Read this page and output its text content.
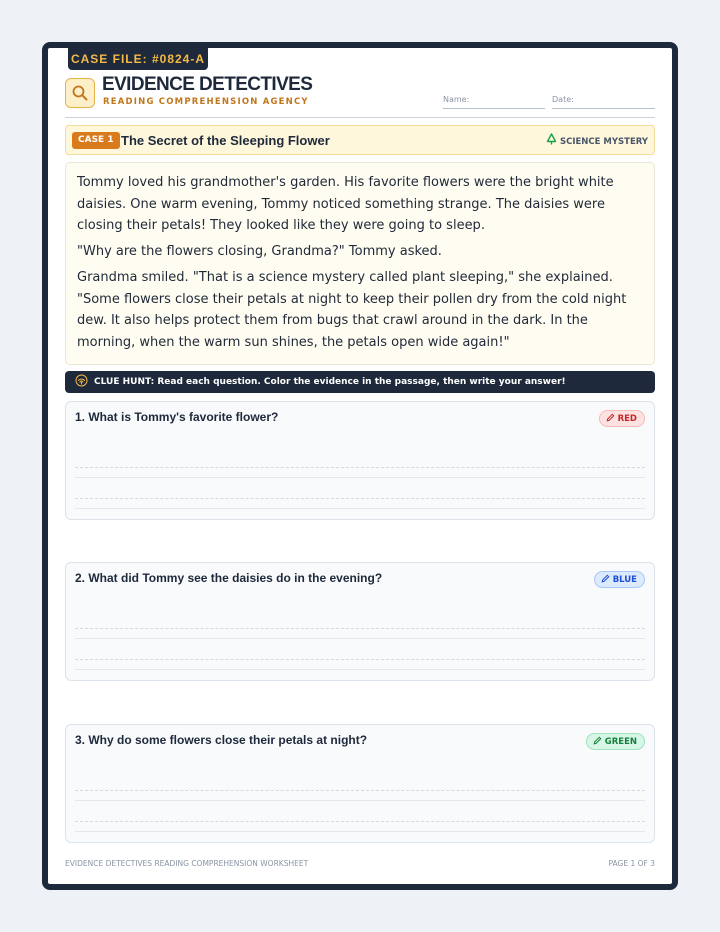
CASE FILE: #0824-A
EVIDENCE DETECTIVES
READING COMPREHENSION AGENCY	Name:	Date:
CASE 1 The Secret of the Sleeping Flower	SCIENCE MYSTERY

Tommy loved his grandmother's garden. His favorite flowers were the bright white daisies. One warm evening, Tommy noticed something strange. The daisies were closing their petals! They looked like they were going to sleep.

"Why are the flowers closing, Grandma?" Tommy asked.

Grandma smiled. "That is a science mystery called plant sleeping," she explained. "Some flowers close their petals at night to keep their pollen dry from the cold night dew. It also helps protect them from bugs that crawl around in the dark. In the morning, when the warm sun shines, the petals open wide again!"

CLUE HUNT: Read each question. Color the evidence in the passage, then write your answer!
1. What is Tommy's favorite flower?	RED
2. What did Tommy see the daisies do in the evening?	BLUE
3. Why do some flowers close their petals at night?	GREEN
EVIDENCE DETECTIVES READING COMPREHENSION WORKSHEET	PAGE 1 OF 3
